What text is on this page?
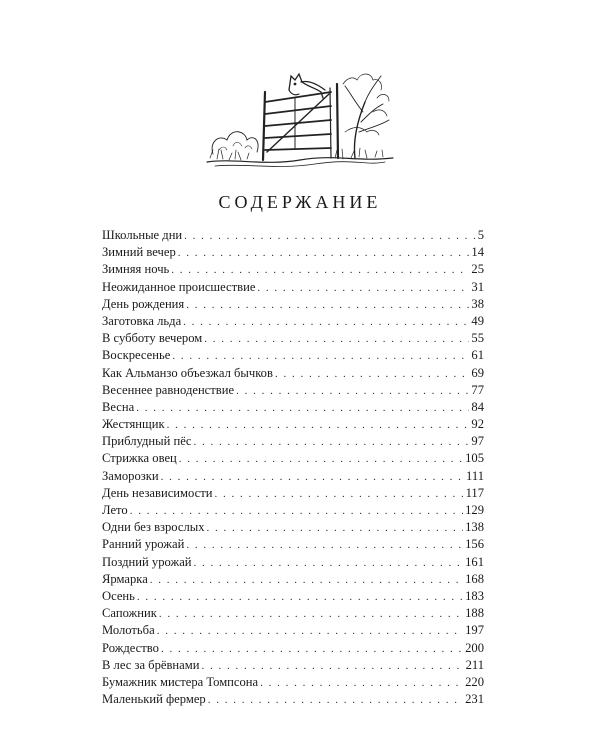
СОДЕРЖАНИЕ
Школьные дни . . .	5
Зимний вечер . . .	14
Зимняя ночь . . .	25
Неожиданное происшествие . . .	31
День рождения . . .	38
Заготовка льда . . .	49
В субботу вечером . . .	55
Воскресенье . . .	61
Как Альманзо объезжал бычков . . .	69
Весеннее равноденствие . . .	77
Весна . . .	84
Жестянщик . . .	92
Приблудный пёс . . .	97
Стрижка овец . . .	105
Заморозки . . .	111
День независимости . . .	117
Лето . . .	129
Одни без взрослых . . .	138
Ранний урожай . . .	156
Поздний урожай . . .	161
Ярмарка . . .	168
Осень . . .	183
Сапожник . . .	188
Молотьба . . .	197
Рождество . . .	200
В лес за брёвнами . . .	211
Бумажник мистера Томпсона . . .	220
Маленький фермер . . .	231
